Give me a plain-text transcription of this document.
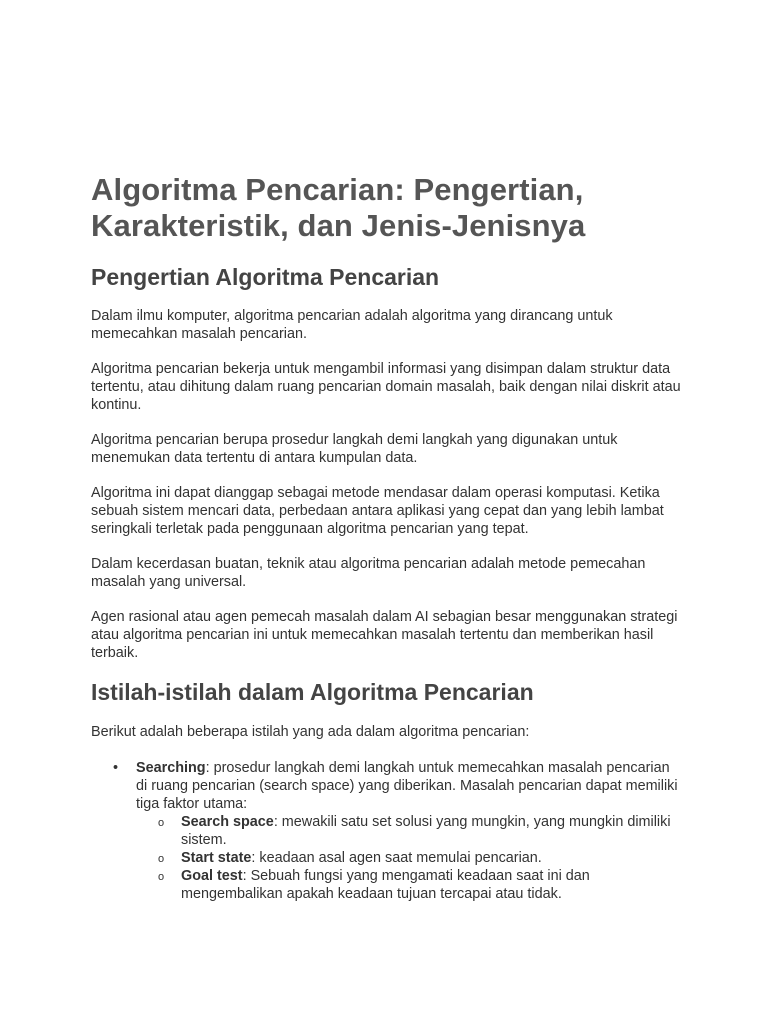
Algoritma Pencarian: Pengertian, Karakteristik, dan Jenis-Jenisnya
Pengertian Algoritma Pencarian

Dalam ilmu komputer, algoritma pencarian adalah algoritma yang dirancang untuk memecahkan masalah pencarian.

Algoritma pencarian bekerja untuk mengambil informasi yang disimpan dalam struktur data tertentu, atau dihitung dalam ruang pencarian domain masalah, baik dengan nilai diskrit atau kontinu.

Algoritma pencarian berupa prosedur langkah demi langkah yang digunakan untuk menemukan data tertentu di antara kumpulan data.

Algoritma ini dapat dianggap sebagai metode mendasar dalam operasi komputasi. Ketika sebuah sistem mencari data, perbedaan antara aplikasi yang cepat dan yang lebih lambat seringkali terletak pada penggunaan algoritma pencarian yang tepat.

Dalam kecerdasan buatan, teknik atau algoritma pencarian adalah metode pemecahan masalah yang universal.

Agen rasional atau agen pemecah masalah dalam AI sebagian besar menggunakan strategi atau algoritma pencarian ini untuk memecahkan masalah tertentu dan memberikan hasil terbaik.

Istilah-istilah dalam Algoritma Pencarian

Berikut adalah beberapa istilah yang ada dalam algoritma pencarian:

•	Searching: prosedur langkah demi langkah untuk memecahkan masalah pencarian di ruang pencarian (search space) yang diberikan. Masalah pencarian dapat memiliki tiga faktor utama:
o Search space: mewakili satu set solusi yang mungkin, yang mungkin dimiliki sistem.
o Start state: keadaan asal agen saat memulai pencarian.
o Goal test: Sebuah fungsi yang mengamati keadaan saat ini dan mengembalikan apakah keadaan tujuan tercapai atau tidak.
